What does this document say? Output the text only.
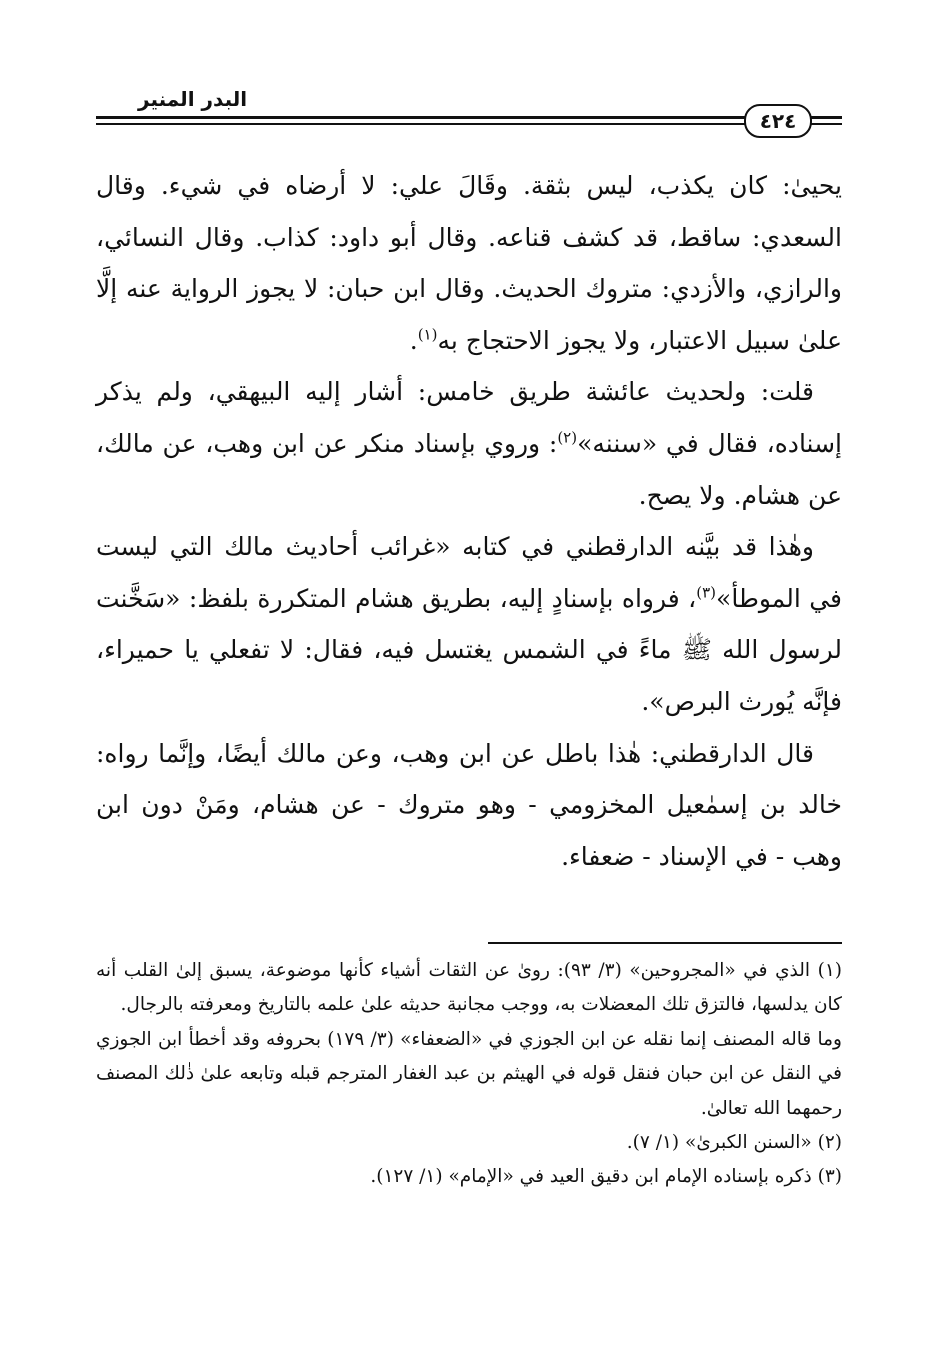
البدر المنير
٤٢٤

يحيىٰ: كان يكذب، ليس بثقة. وقَالَ علي: لا أرضاه في شيء. وقال السعدي: ساقط، قد كشف قناعه. وقال أبو داود: كذاب. وقال النسائي، والرازي، والأزدي: متروك الحديث. وقال ابن حبان: لا يجوز الرواية عنه إلَّا علىٰ سبيل الاعتبار، ولا يجوز الاحتجاج به$^{(١)}$.

قلت: ولحديث عائشة طريق خامس: أشار إليه البيهقي، ولم يذكر إسناده، فقال في «سننه»$^{(٢)}$: وروي بإسناد منكر عن ابن وهب، عن مالك، عن هشام. ولا يصح.

وهٰذا قد بيَّنه الدارقطني في كتابه «غرائب أحاديث مالك التي ليست في الموطأ»$^{(٣)}$، فرواه بإسنادٍ إليه، بطريق هشام المتكررة بلفظ: «سَخَّنت لرسول الله ﷺ ماءً في الشمس يغتسل فيه، فقال: لا تفعلي يا حميراء، فإنَّه يُورث البرص».

قال الدارقطني: هٰذا باطل عن ابن وهب، وعن مالك أيضًا، وإنَّما رواه: خالد بن إسمٰعيل المخزومي - وهو متروك - عن هشام، ومَنْ دون ابن وهب - في الإسناد - ضعفاء.

(١) الذي في «المجروحين» (٣/ ٩٣): روىٰ عن الثقات أشياء كأنها موضوعة، يسبق إلىٰ القلب أنه كان يدلسها، فالتزق تلك المعضلات به، ووجب مجانبة حديثه علىٰ علمه بالتاريخ ومعرفته بالرجال.

وما قاله المصنف إنما نقله عن ابن الجوزي في «الضعفاء» (٣/ ١٧٩) بحروفه وقد أخطأ ابن الجوزي في النقل عن ابن حبان فنقل قوله في الهيثم بن عبد الغفار المترجم قبله وتابعه علىٰ ذٰلك المصنف رحمهما الله تعالىٰ.

(٢) «السنن الكبرىٰ» (١/ ٧).

(٣) ذكره بإسناده الإمام ابن دقيق العيد في «الإمام» (١/ ١٢٧).
